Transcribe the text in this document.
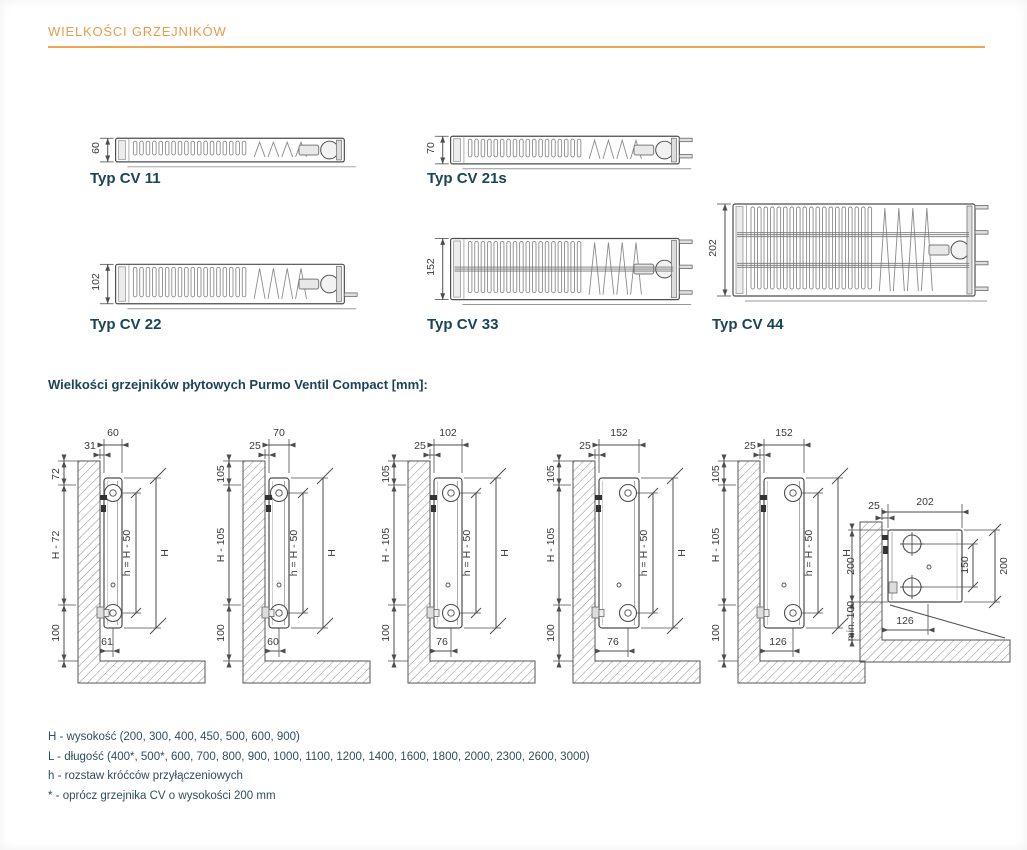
WIELKOŚCI GRZEJNIKÓW
60
Typ CV 11
70
Typ CV 21s
102
Typ CV 22
152
Typ CV 33
202
Typ CV 44
Wielkości grzejników płytowych Purmo Ventil Compact [mm]:
60
31
72
H - 72
100
h = H - 50 H
61
70
25
105
H - 105
100
h = H - 50 H
60
102
25
105
H - 105
100
h = H - 50 H
76
152
25
105
H - 105
100
h = H - 50 H
76
152
25
105
H - 105
100
h = H - 50 H
126
202
25
200
min. 100
150	200
126
H - wysokość (200, 300, 400, 450, 500, 600, 900)
L - długość (400*, 500*, 600, 700, 800, 900, 1000, 1100, 1200, 1400, 1600, 1800, 2000, 2300, 2600, 3000)
h - rozstaw króćców przyłączeniowych
* - oprócz grzejnika CV o wysokości 200 mm
